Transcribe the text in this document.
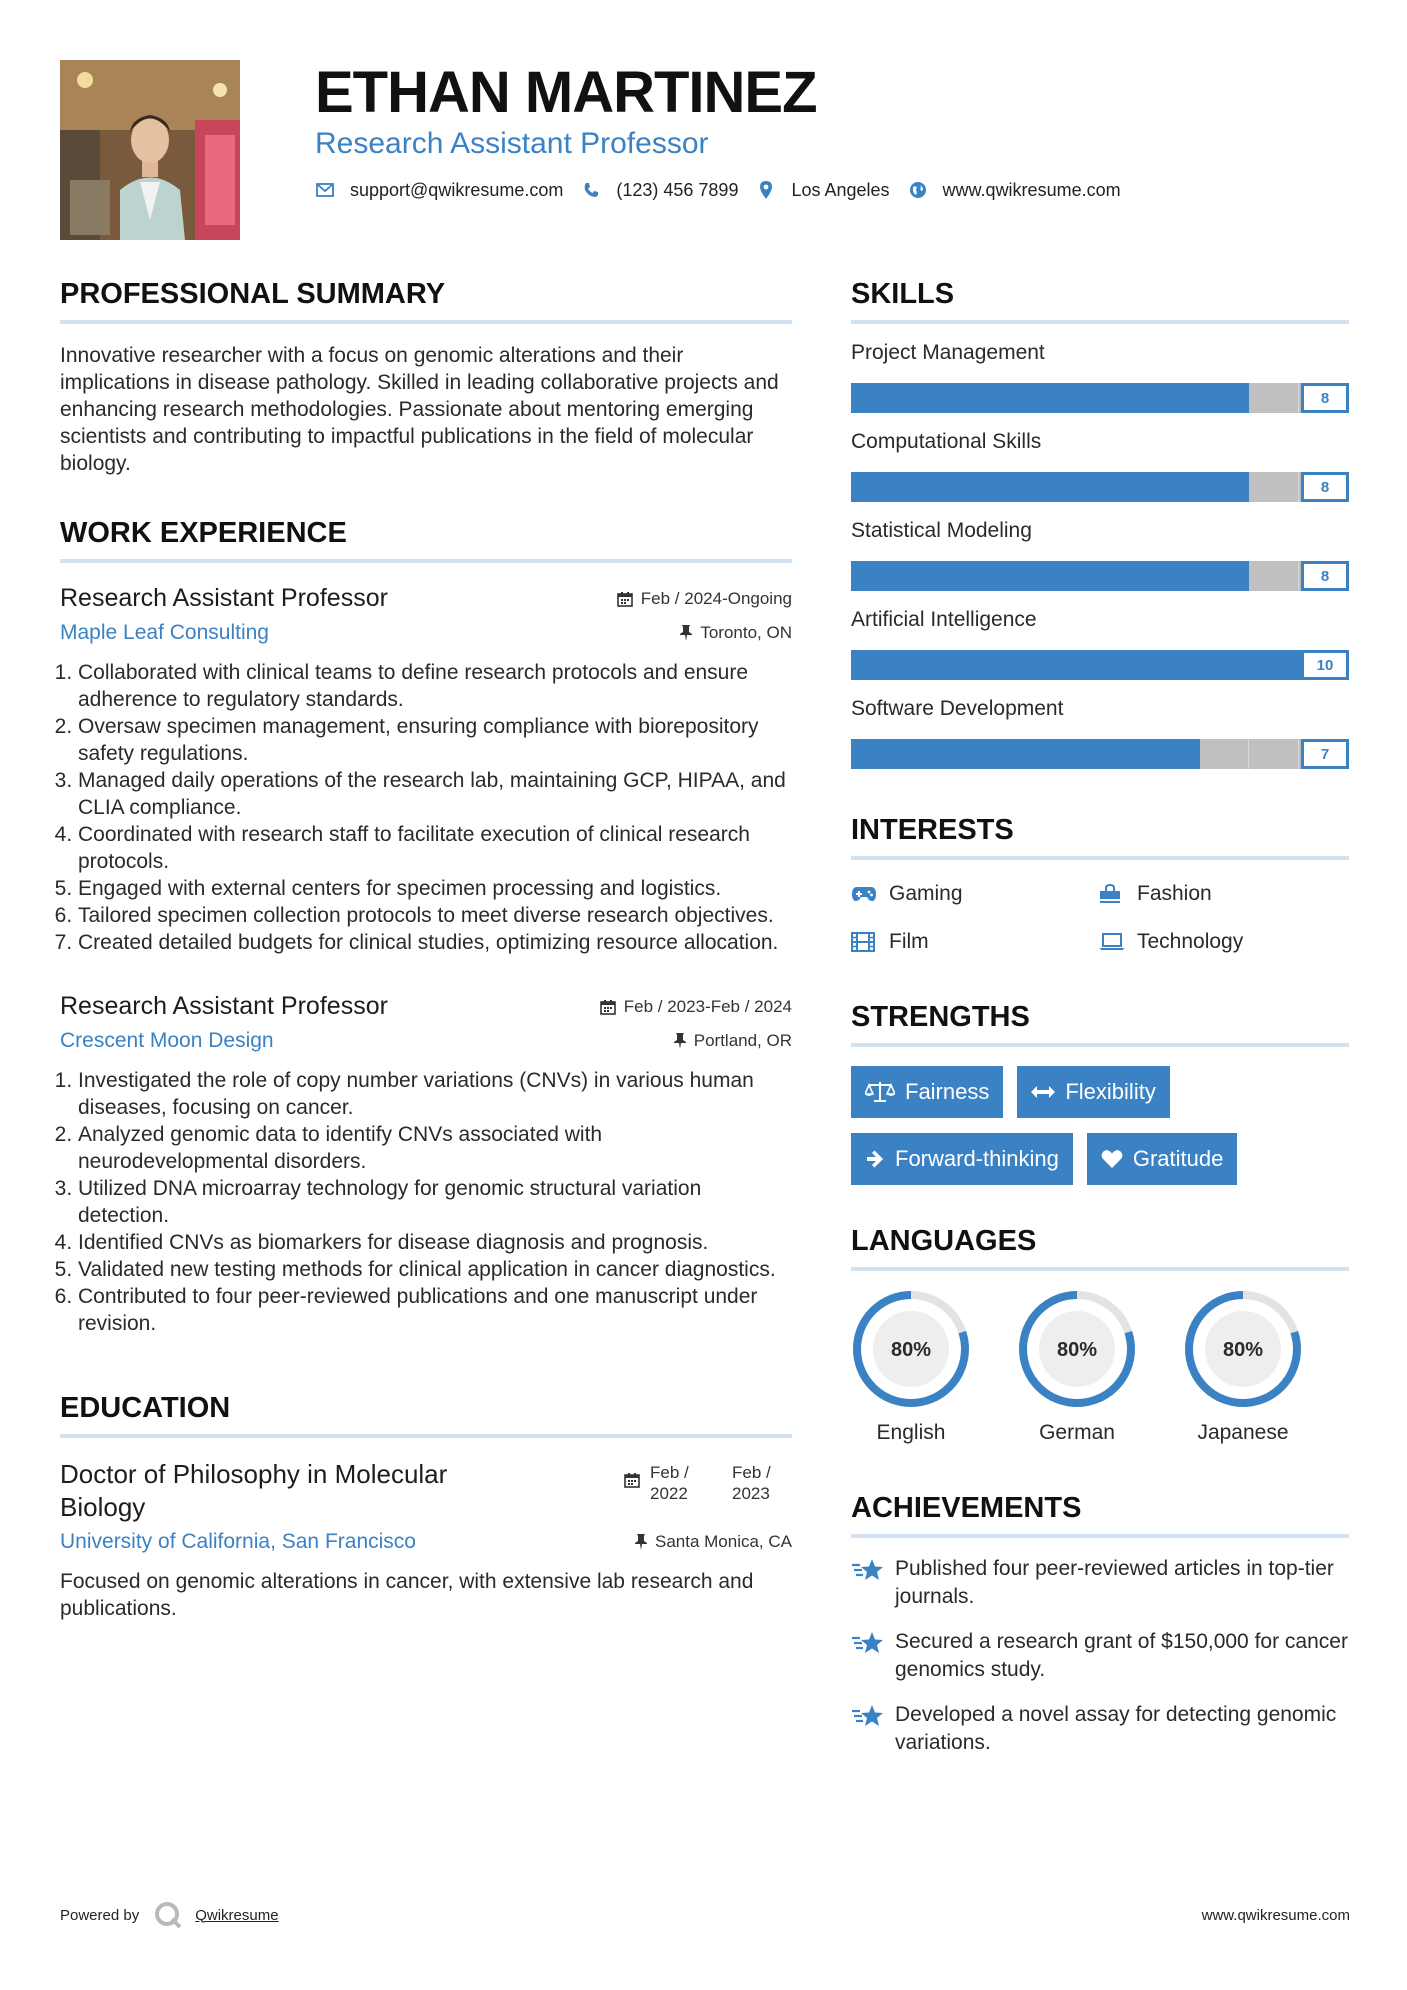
ETHAN MARTINEZ
Research Assistant Professor
support@qwikresume.com	(123) 456 7899	Los Angeles	www.qwikresume.com
PROFESSIONAL SUMMARY

Innovative researcher with a focus on genomic alterations and their implications in disease pathology. Skilled in leading collaborative projects and enhancing research methodologies. Passionate about mentoring emerging scientists and contributing to impactful publications in the field of molecular biology.

WORK EXPERIENCE
Research Assistant Professor
Maple Leaf Consulting
Feb / 2024-Ongoing
Toronto, ON
1. Collaborated with clinical teams to define research protocols and ensure adherence to regulatory standards.
2. Oversaw specimen management, ensuring compliance with biorepository safety regulations.
3. Managed daily operations of the research lab, maintaining GCP, HIPAA, and CLIA compliance.
4. Coordinated with research staff to facilitate execution of clinical research protocols.
5. Engaged with external centers for specimen processing and logistics.
6. Tailored specimen collection protocols to meet diverse research objectives.
7. Created detailed budgets for clinical studies, optimizing resource allocation.
Research Assistant Professor
Crescent Moon Design
Feb / 2023-Feb / 2024
Portland, OR
1. Investigated the role of copy number variations (CNVs) in various human diseases, focusing on cancer.
2. Analyzed genomic data to identify CNVs associated with neurodevelopmental disorders.
3. Utilized DNA microarray technology for genomic structural variation detection.
4. Identified CNVs as biomarkers for disease diagnosis and prognosis.
5. Validated new testing methods for clinical application in cancer diagnostics.
6. Contributed to four peer-reviewed publications and one manuscript under revision.
EDUCATION
Doctor of Philosophy in Molecular Biology
Feb /
2022
Feb /
2023
University of California, San Francisco	Santa Monica, CA

Focused on genomic alterations in cancer, with extensive lab research and publications.

SKILLS
Project Management
8
Computational Skills
8
Statistical Modeling
8
Artificial Intelligence
10
Software Development
7
INTERESTS
Gaming	Fashion
Film	Technology
STRENGTHS
Fairness	Flexibility
Forward-thinking	Gratitude
LANGUAGES
80%
English
80%
German
80%
Japanese
ACHIEVEMENTS
Published four peer-reviewed articles in top-tier journals.
Secured a research grant of $150,000 for cancer genomics study.
Developed a novel assay for detecting genomic variations.
Powered by	Qwikresume	www.qwikresume.com
